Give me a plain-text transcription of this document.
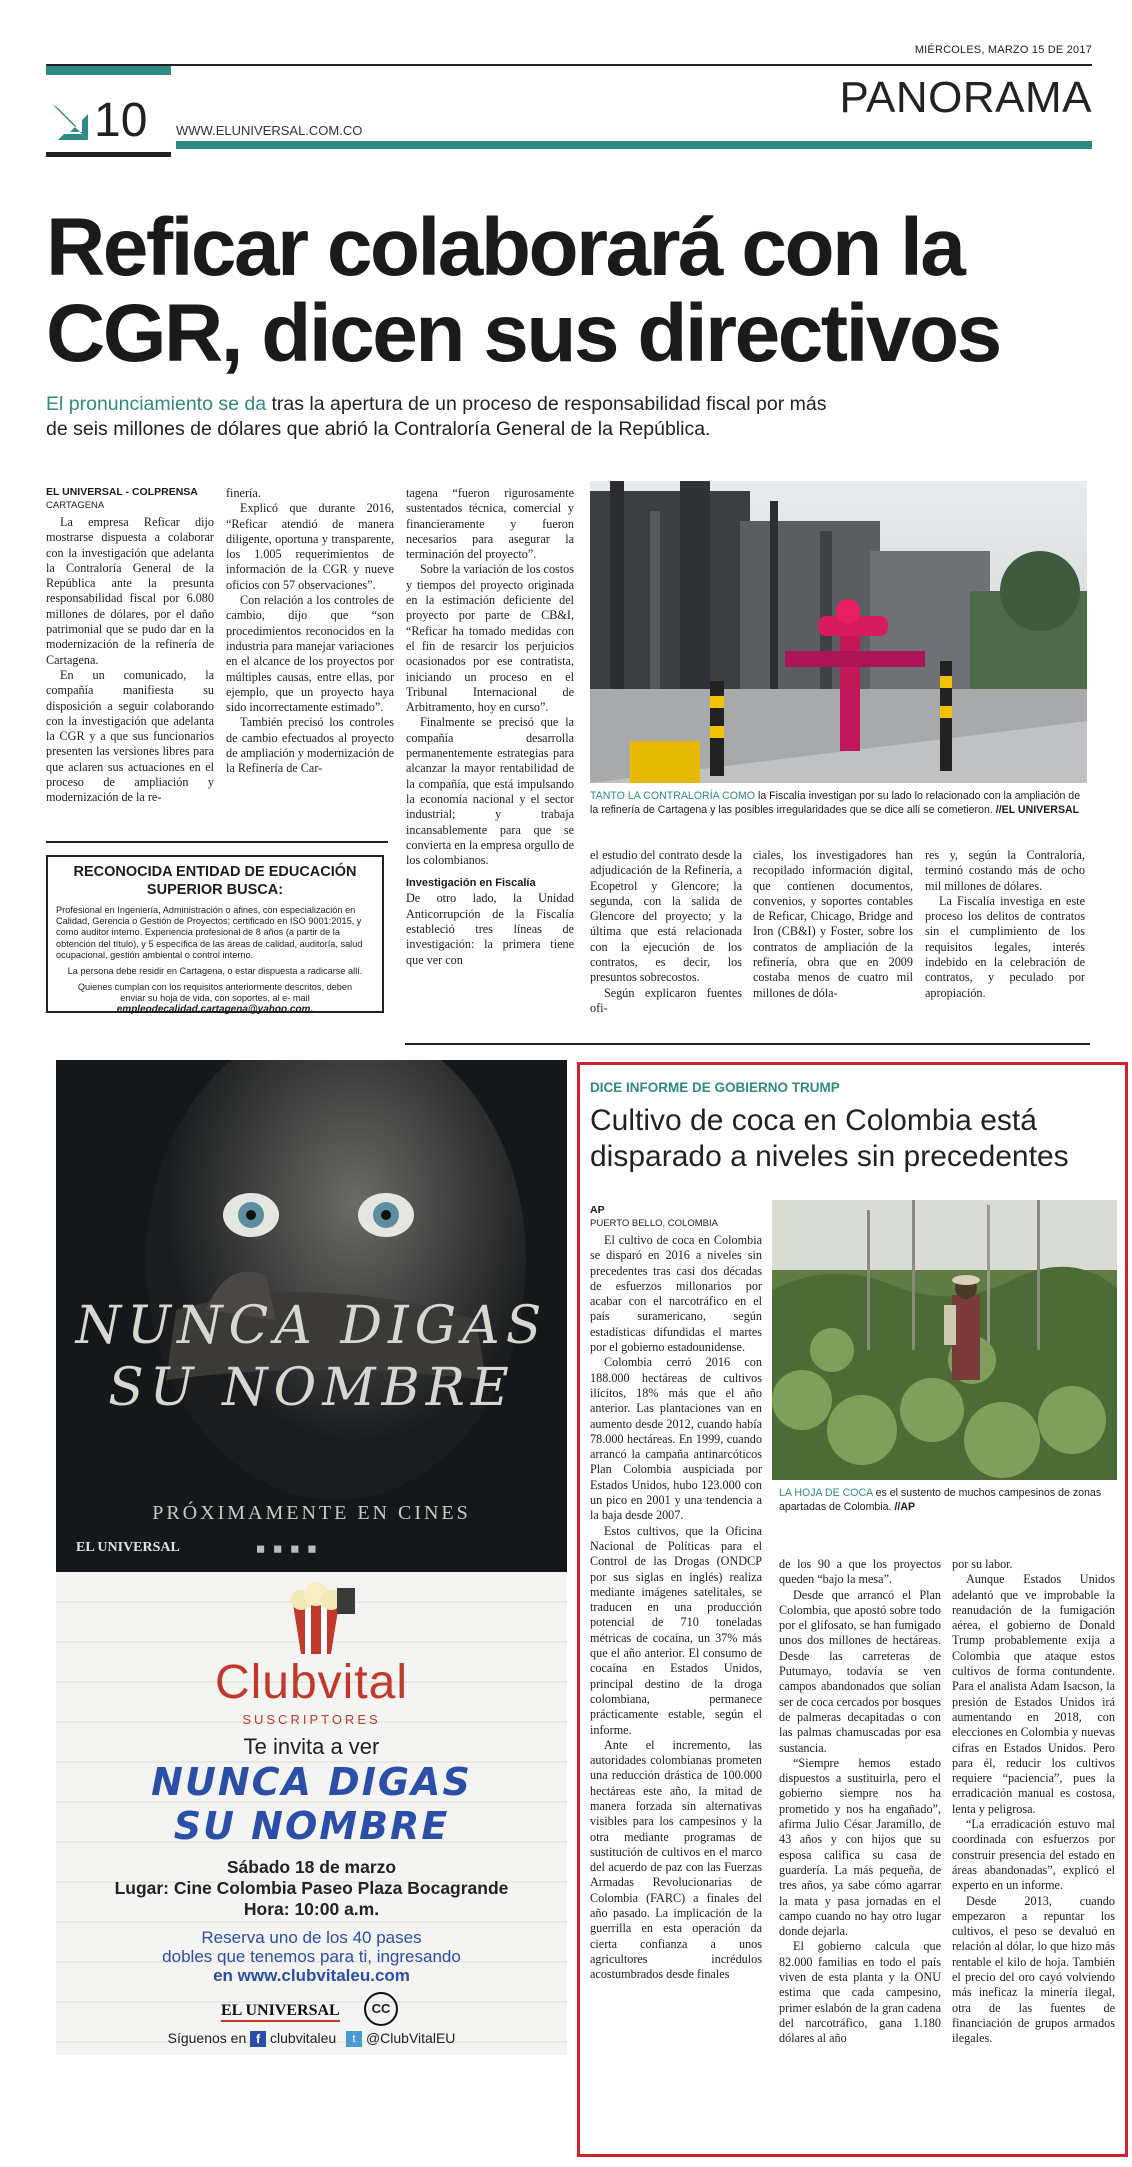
MIÉRCOLES, MARZO 15 DE 2017
10 WWW.ELUNIVERSAL.COM.CO
PANORAMA
Reficar colaborará con la
CGR, dicen sus directivos
El pronunciamiento se da tras la apertura de un proceso de responsabilidad fiscal por más
de seis millones de dólares que abrió la Contraloría General de la República.
EL UNIVERSAL - COLPRENSA
CARTAGENA

La empresa Reficar dijo mostrarse dispuesta a colaborar con la investigación que adelanta la Contraloría General de la República ante la presunta responsabilidad fiscal por 6.080 millones de dólares, por el daño patrimonial que se pudo dar en la modernización de la refinería de Cartagena.

En un comunicado, la compañía manifiesta su disposición a seguir colaborando con la investigación que adelanta la CGR y a que sus funcionarios presenten las versiones libres para que aclaren sus actuaciones en el proceso de ampliación y modernización de la re-

finería.

Explicó que durante 2016, “Reficar atendió de manera diligente, oportuna y transparente, los 1.005 requerimientos de información de la CGR y nueve oficios con 57 observaciones”.

Con relación a los controles de cambio, dijo que “son procedimientos reconocidos en la industria para manejar variaciones en el alcance de los proyectos por múltiples causas, entre ellas, por ejemplo, que un proyecto haya sido incorrectamente estimado”.

También precisó los controles de cambio efectuados al proyecto de ampliación y modernización de la Refinería de Car-

tagena “fueron rigurosamente sustentados técnica, comercial y financieramente y fueron necesarios para asegurar la terminación del proyecto”.

Sobre la variación de los costos y tiempos del proyecto originada en la estimación deficiente del proyecto por parte de CB&I, “Reficar ha tomado medidas con el fin de resarcir los perjuicios ocasionados por ese contratista, iniciando un proceso en el Tribunal Internacional de Arbitramento, hoy en curso”.

Finalmente se precisó que la compañía desarrolla permanentemente estrategias para alcanzar la mayor rentabilidad de la compañía, que está impulsando la economía nacional y el sector industrial; y trabaja incansablemente para que se convierta en la empresa orgullo de los colombianos.

Investigación en Fiscalía

De otro lado, la Unidad Anticorrupción de la Fiscalía estableció tres líneas de investigación: la primera tiene que ver con

TANTO LA CONTRALORÍA COMO la Fiscalía investigan por su lado lo relacionado con la ampliación de la refinería de Cartagena y las posibles irregularidades que se dice allí se cometieron. //EL UNIVERSAL

el estudio del contrato desde la adjudicación de la Refinería, a Ecopetrol y Glencore; la segunda, con la salida de Glencore del proyecto; y la última que está relacionada con la ejecución de los contratos, es decir, los presuntos sobrecostos.

Según explicaron fuentes ofi-

ciales, los investigadores han recopilado información digital, que contienen documentos, convenios, y soportes contables de Reficar, Chicago, Bridge and Iron (CB&I) y Foster, sobre los contratos de ampliación de la refinería, obra que en 2009 costaba menos de cuatro mil millones de dóla-

res y, según la Contraloría, terminó costando más de ocho mil millones de dólares.

La Fiscalía investiga en este proceso los delitos de contratos sin el cumplimiento de los requisitos legales, interés indebido en la celebración de contratos, y peculado por apropiación.

RECONOCIDA ENTIDAD DE EDUCACIÓN SUPERIOR BUSCA:
Profesional en Ingeniería, Administración o afines, con especialización en Calidad, Gerencia o Gestión de Proyectos; certificado en ISO 9001:2015, y como auditor interno. Experiencia profesional de 8 años (a partir de la obtención del título), y 5 específica de las áreas de calidad, auditoría, salud ocupacional, gestión ambiental o control interno.
La persona debe residir en Cartagena, o estar dispuesta a radicarse allí.
Quienes cumplan con los requisitos anteriormente descritos, deben enviar su hoja de vida, con soportes, al e- mail
empleodecalidad.cartagena@yahoo.com.
NUNCA DIGAS
SU NOMBRE
PRÓXIMAMENTE EN CINES
EL UNIVERSAL	◼◼◼◼
Clubvital
SUSCRIPTORES
Te invita a ver
NUNCA DIGAS
SU NOMBRE
Sábado 18 de marzo
Lugar: Cine Colombia Paseo Plaza Bocagrande
Hora: 10:00 a.m.
Reserva uno de los 40 pases
dobles que tenemos para ti, ingresando
en www.clubvitaleu.com
EL UNIVERSAL	CC
Síguenos en f clubvitaleu t @ClubVitalEU
DICE INFORME DE GOBIERNO TRUMP
Cultivo de coca en Colombia está
disparado a niveles sin precedentes
AP
PUERTO BELLO, COLOMBIA

El cultivo de coca en Colombia se disparó en 2016 a niveles sin precedentes tras casi dos décadas de esfuerzos millonarios por acabar con el narcotráfico en el país suramericano, según estadísticas difundidas el martes por el gobierno estadounidense.

Colombia cerró 2016 con 188.000 hectáreas de cultivos ilícitos, 18% más que el año anterior. Las plantaciones van en aumento desde 2012, cuando había 78.000 hectáreas. En 1999, cuando arrancó la campaña antinarcóticos Plan Colombia auspiciada por Estados Unidos, hubo 123.000 con un pico en 2001 y una tendencia a la baja desde 2007.

Estos cultivos, que la Oficina Nacional de Políticas para el Control de las Drogas (ONDCP por sus siglas en inglés) realiza mediante imágenes satelitales, se traducen en una producción potencial de 710 toneladas métricas de cocaína, un 37% más que el año anterior. El consumo de cocaína en Estados Unidos, principal destino de la droga colombiana, permanece prácticamente estable, según el informe.

Ante el incremento, las autoridades colombianas prometen una reducción drástica de 100.000 hectáreas este año, la mitad de manera forzada sin alternativas visibles para los campesinos y la otra mediante programas de sustitución de cultivos en el marco del acuerdo de paz con las Fuerzas Armadas Revolucionarias de Colombia (FARC) a finales del año pasado. La implicación de la guerrilla en esta operación da cierta confianza a unos agricultores incrédulos acostumbrados desde finales

LA HOJA DE COCA es el sustento de muchos campesinos de zonas apartadas de Colombia. //AP

de los 90 a que los proyectos queden “bajo la mesa”.

Desde que arrancó el Plan Colombia, que apostó sobre todo por el glifosato, se han fumigado unos dos millones de hectáreas. Desde las carreteras de Putumayo, todavía se ven campos abandonados que solían ser de coca cercados por bosques de palmeras decapitadas o con las palmas chamuscadas por esa sustancia.

“Siempre hemos estado dispuestos a sustituirla, pero el gobierno siempre nos ha prometido y nos ha engañado”, afirma Julio César Jaramillo, de 43 años y con hijos que su esposa califica su casa de guardería. La más pequeña, de tres años, ya sabe cómo agarrar la mata y pasa jornadas en el campo cuando no hay otro lugar donde dejarla.

El gobierno calcula que 82.000 familias en todo el país viven de esta planta y la ONU estima que cada campesino, primer eslabón de la gran cadena del narcotráfico, gana 1.180 dólares al año

por su labor.

Aunque Estados Unidos adelantó que ve improbable la reanudación de la fumigación aérea, el gobierno de Donald Trump probablemente exija a Colombia que ataque estos cultivos de forma contundente. Para el analista Adam Isacson, la presión de Estados Unidos irá aumentando en 2018, con elecciones en Colombia y nuevas cifras en Estados Unidos. Pero para él, reducir los cultivos requiere “paciencia”, pues la erradicación manual es costosa, lenta y peligrosa.

“La erradicación estuvo mal coordinada con esfuerzos por construir presencia del estado en áreas abandonadas”, explicó el experto en un informe.

Desde 2013, cuando empezaron a repuntar los cultivos, el peso se devaluó en relación al dólar, lo que hizo más rentable el kilo de hoja. También el precio del oro cayó volviendo más ineficaz la minería ilegal, otra de las fuentes de financiación de grupos armados ilegales.
